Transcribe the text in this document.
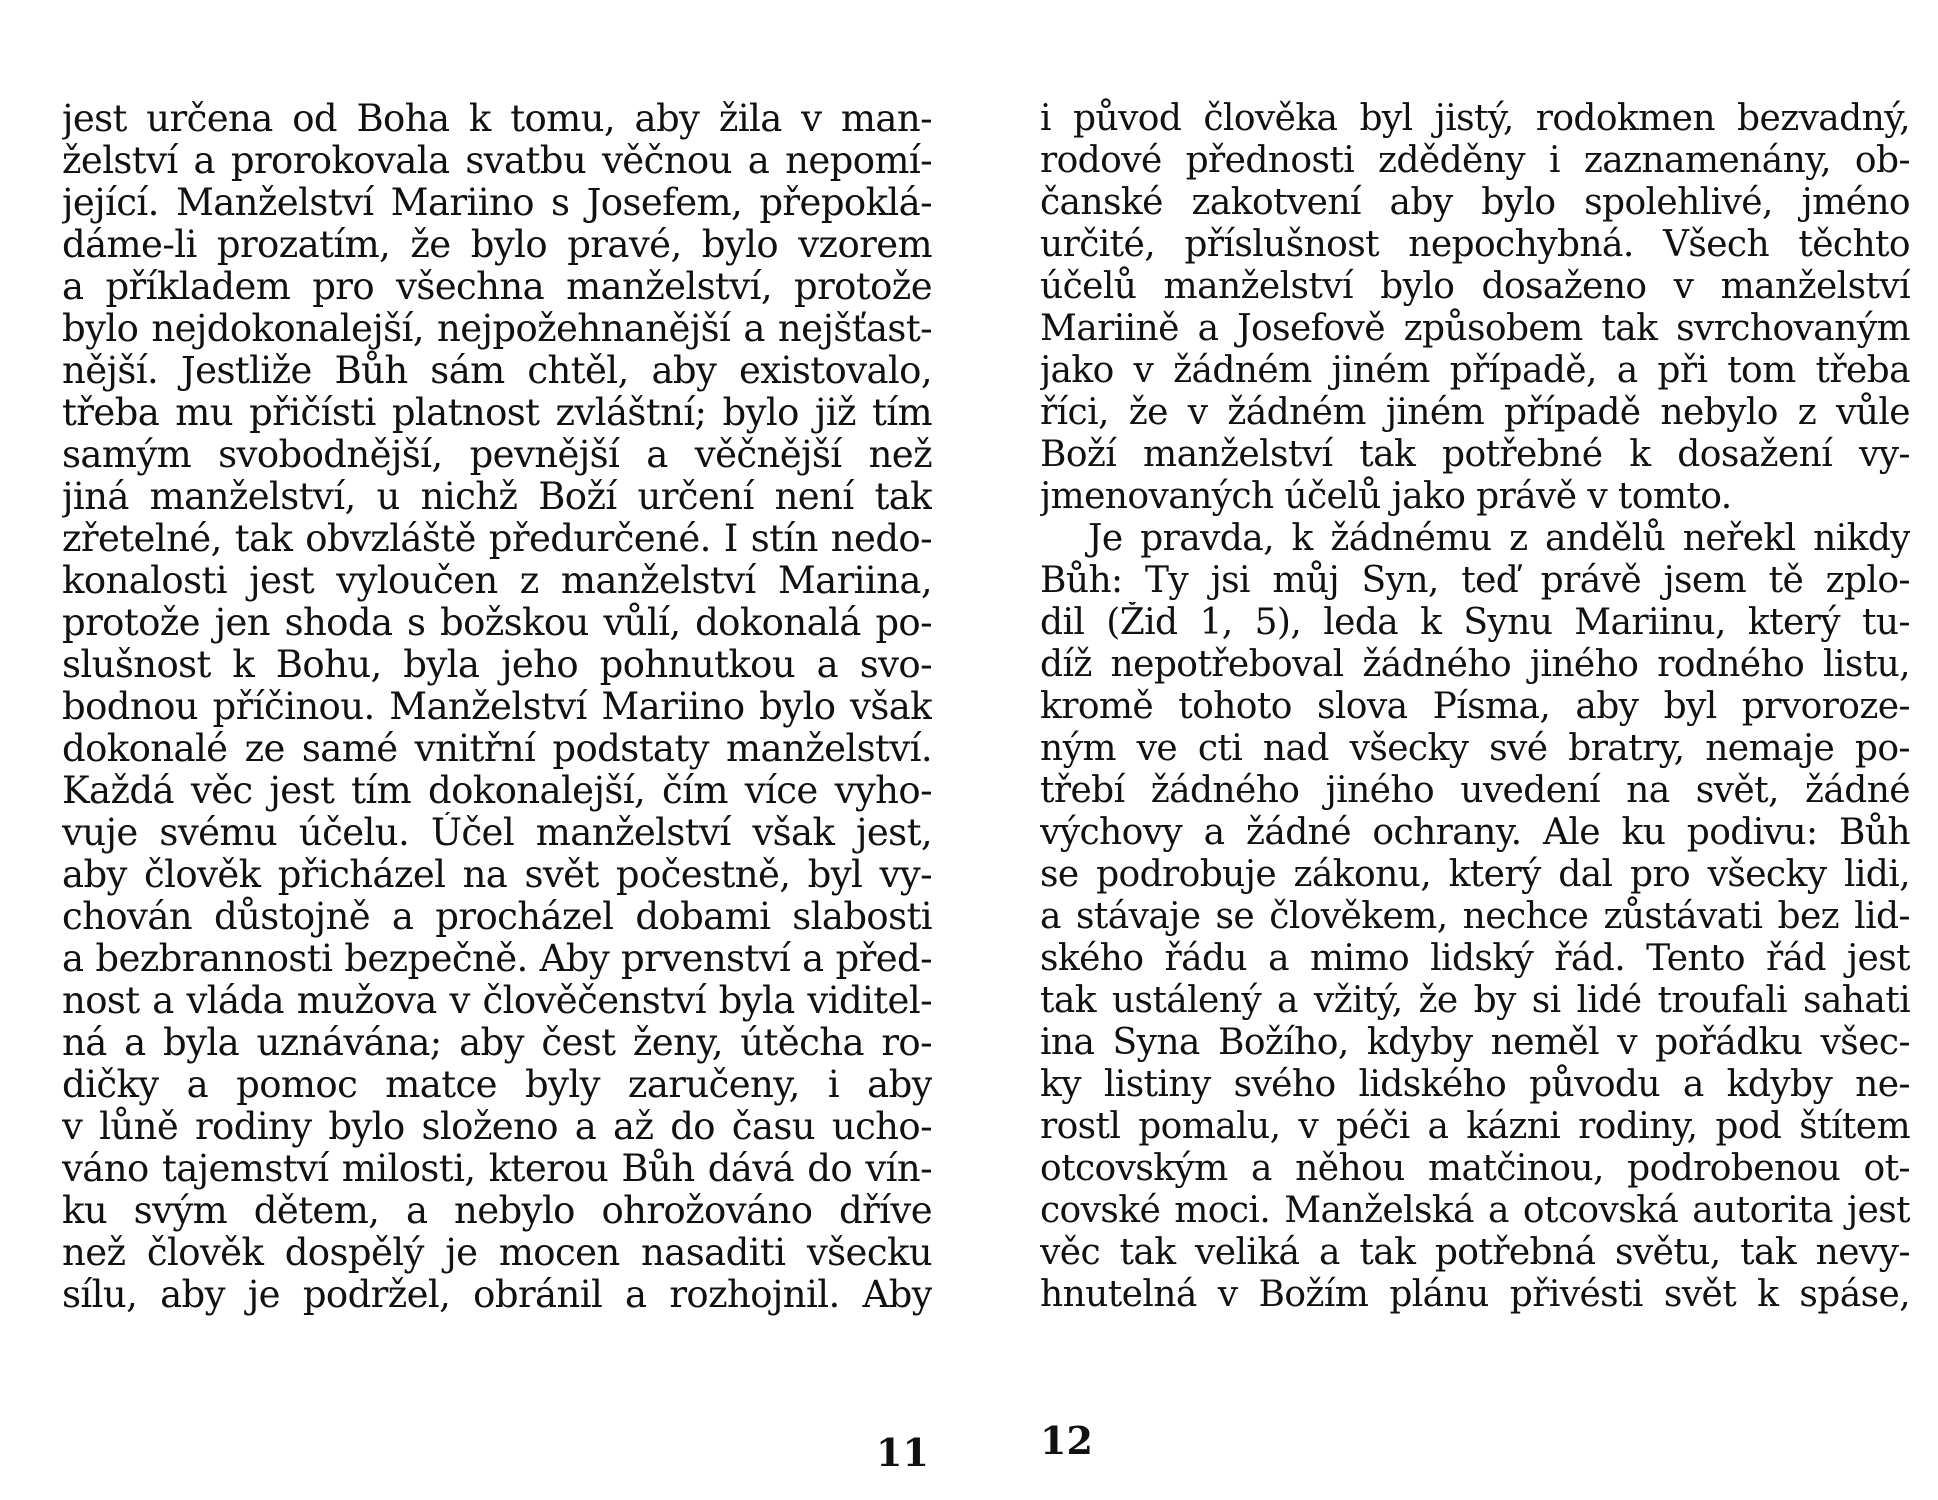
jest určena od Boha k tomu, aby žila v man-
želství a prorokovala svatbu věčnou a nepomí-
jející. Manželství Mariino s Josefem, přepoklá-
dáme-li prozatím, že bylo pravé, bylo vzorem
a příkladem pro všechna manželství, protože
bylo nejdokonalejší, nejpožehnanější a nejšťast-
nější. Jestliže Bůh sám chtěl, aby existovalo,
třeba mu přičísti platnost zvláštní; bylo již tím
samým svobodnější, pevnější a věčnější než
jiná manželství, u nichž Boží určení není tak
zřetelné, tak obvzláště předurčené. I stín nedo-
konalosti jest vyloučen z manželství Mariina,
protože jen shoda s božskou vůlí, dokonalá po-
slušnost k Bohu, byla jeho pohnutkou a svo-
bodnou příčinou. Manželství Mariino bylo však
dokonalé ze samé vnitřní podstaty manželství.
Každá věc jest tím dokonalejší, čím více vyho-
vuje svému účelu. Účel manželství však jest,
aby člověk přicházel na svět počestně, byl vy-
chován důstojně a procházel dobami slabosti
a bezbrannosti bezpečně. Aby prvenství a před-
nost a vláda mužova v člověčenství byla viditel-
ná a byla uznávána; aby čest ženy, útěcha ro-
dičky a pomoc matce byly zaručeny, i aby
v lůně rodiny bylo složeno a až do času ucho-
váno tajemství milosti, kterou Bůh dává do vín-
ku svým dětem, a nebylo ohrožováno dříve
než člověk dospělý je mocen nasaditi všecku
sílu, aby je podržel, obránil a rozhojnil. Aby
i původ člověka byl jistý, rodokmen bezvadný,
rodové přednosti zděděny i zaznamenány, ob-
čanské zakotvení aby bylo spolehlivé, jméno
určité, příslušnost nepochybná. Všech těchto
účelů manželství bylo dosaženo v manželství
Mariině a Josefově způsobem tak svrchovaným
jako v žádném jiném případě, a při tom třeba
říci, že v žádném jiném případě nebylo z vůle
Boží manželství tak potřebné k dosažení vy-
jmenovaných účelů jako právě v tomto.
Je pravda, k žádnému z andělů neřekl nikdy
Bůh: Ty jsi můj Syn, teď právě jsem tě zplo-
dil (Žid 1, 5), leda k Synu Mariinu, který tu-
díž nepotřeboval žádného jiného rodného listu,
kromě tohoto slova Písma, aby byl prvoroze-
ným ve cti nad všecky své bratry, nemaje po-
třebí žádného jiného uvedení na svět, žádné
výchovy a žádné ochrany. Ale ku podivu: Bůh
se podrobuje zákonu, který dal pro všecky lidi,
a stávaje se člověkem, nechce zůstávati bez lid-
ského řádu a mimo lidský řád. Tento řád jest
tak ustálený a vžitý, že by si lidé troufali sahati
ina Syna Božího, kdyby neměl v pořádku všec-
ky listiny svého lidského původu a kdyby ne-
rostl pomalu, v péči a kázni rodiny, pod štítem
otcovským a něhou matčinou, podrobenou ot-
covské moci. Manželská a otcovská autorita jest
věc tak veliká a tak potřebná světu, tak nevy-
hnutelná v Božím plánu přivésti svět k spáse,
11	12
